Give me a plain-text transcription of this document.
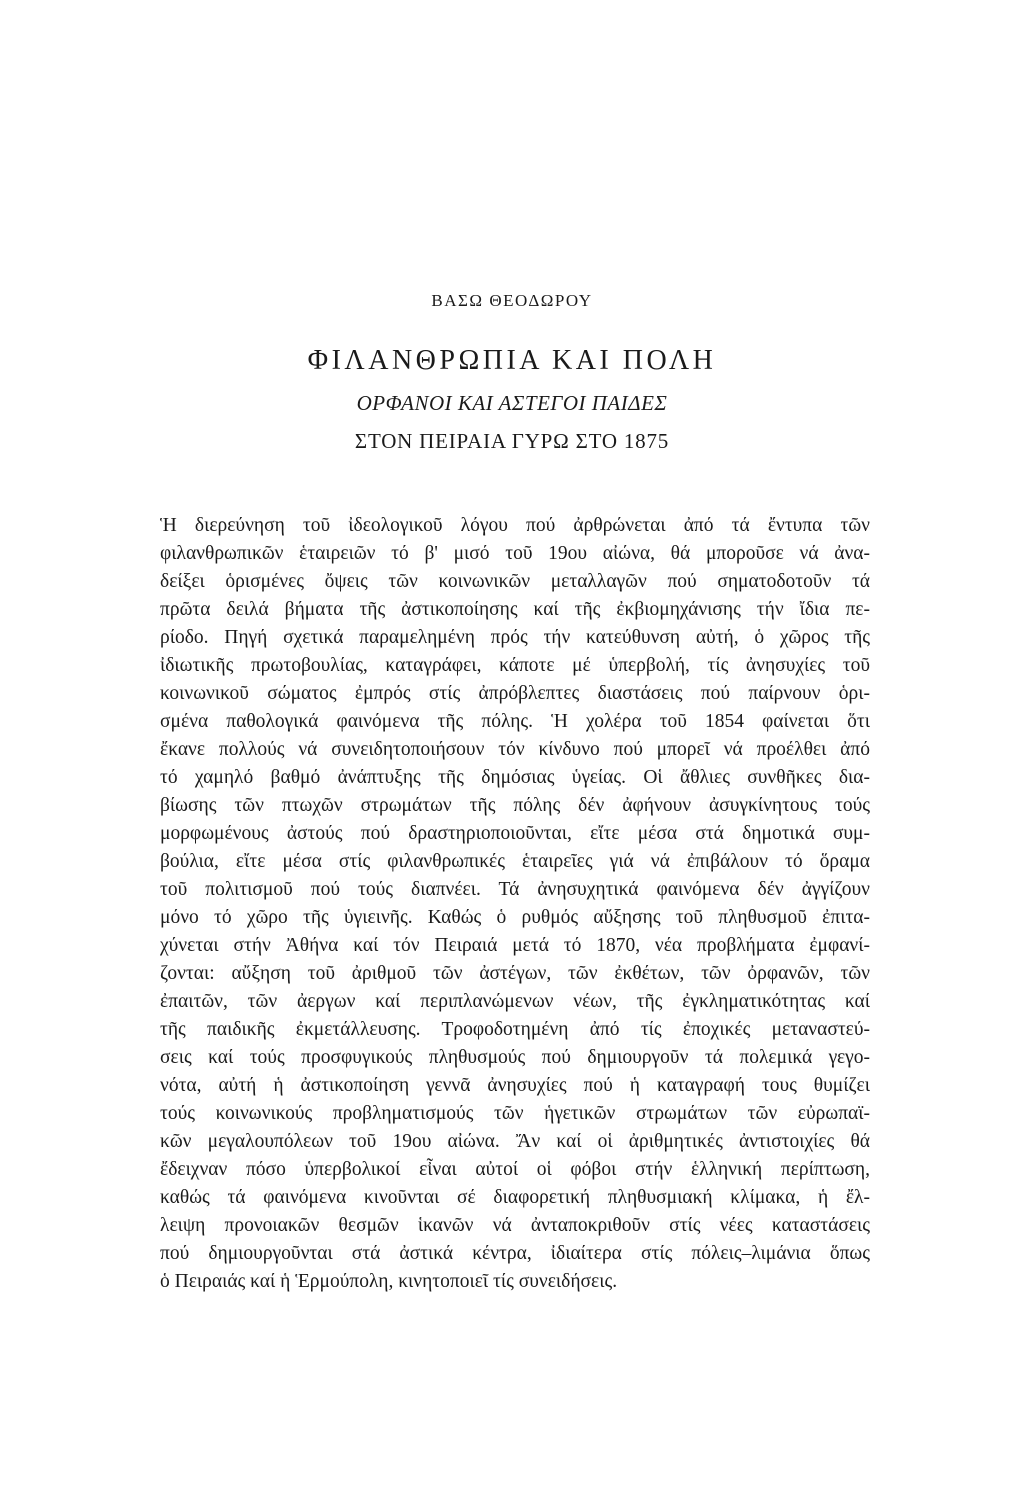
ΒΑΣΩ ΘΕΟΔΩΡΟΥ
ΦΙΛΑΝΘΡΩΠΙΑ ΚΑΙ ΠΟΛΗ
ΟΡΦΑΝΟΙ ΚΑΙ ΑΣΤΕΓΟΙ ΠΑΙΔΕΣ
ΣΤΟΝ ΠΕΙΡΑΙΑ ΓΥΡΩ ΣΤΟ 1875
Ἡ διερεύνηση τοῦ ἰδεολογικοῦ λόγου πού ἀρθρώνεται ἀπό τά ἔντυπα τῶν
φιλανθρωπικῶν ἑταιρειῶν τό β' μισό τοῦ 19ου αἰώνα, θά μποροῦσε νά ἀνα-
δείξει ὁρισμένες ὄψεις τῶν κοινωνικῶν μεταλλαγῶν πού σηματοδοτοῦν τά
πρῶτα δειλά βήματα τῆς ἀστικοποίησης καί τῆς ἐκβιομηχάνισης τήν ἴδια πε-
ρίοδο. Πηγή σχετικά παραμελημένη πρός τήν κατεύθυνση αὐτή, ὁ χῶρος τῆς
ἰδιωτικῆς πρωτοβουλίας, καταγράφει, κάποτε μέ ὑπερβολή, τίς ἀνησυχίες τοῦ
κοινωνικοῦ σώματος ἐμπρός στίς ἀπρόβλεπτες διαστάσεις πού παίρνουν ὁρι-
σμένα παθολογικά φαινόμενα τῆς πόλης. Ἡ χολέρα τοῦ 1854 φαίνεται ὅτι
ἔκανε πολλούς νά συνειδητοποιήσουν τόν κίνδυνο πού μπορεῖ νά προέλθει ἀπό
τό χαμηλό βαθμό ἀνάπτυξης τῆς δημόσιας ὑγείας. Οἱ ἄθλιες συνθῆκες δια-
βίωσης τῶν πτωχῶν στρωμάτων τῆς πόλης δέν ἀφήνουν ἀσυγκίνητους τούς
μορφωμένους ἀστούς πού δραστηριοποιοῦνται, εἴτε μέσα στά δημοτικά συμ-
βούλια, εἴτε μέσα στίς φιλανθρωπικές ἑταιρεῖες γιά νά ἐπιβάλουν τό ὅραμα
τοῦ πολιτισμοῦ πού τούς διαπνέει. Τά ἀνησυχητικά φαινόμενα δέν ἀγγίζουν
μόνο τό χῶρο τῆς ὑγιεινῆς. Καθώς ὁ ρυθμός αὔξησης τοῦ πληθυσμοῦ ἐπιτα-
χύνεται στήν Ἀθήνα καί τόν Πειραιά μετά τό 1870, νέα προβλήματα ἐμφανί-
ζονται: αὔξηση τοῦ ἀριθμοῦ τῶν ἀστέγων, τῶν ἐκθέτων, τῶν ὀρφανῶν, τῶν
ἐπαιτῶν, τῶν ἀεργων καί περιπλανώμενων νέων, τῆς ἐγκληματικότητας καί
τῆς παιδικῆς ἐκμετάλλευσης. Τροφοδοτημένη ἀπό τίς ἐποχικές μεταναστεύ-
σεις καί τούς προσφυγικούς πληθυσμούς πού δημιουργοῦν τά πολεμικά γεγο-
νότα, αὐτή ἡ ἀστικοποίηση γεννᾶ ἀνησυχίες πού ἡ καταγραφή τους θυμίζει
τούς κοινωνικούς προβληματισμούς τῶν ἡγετικῶν στρωμάτων τῶν εὐρωπαϊ-
κῶν μεγαλουπόλεων τοῦ 19ου αἰώνα. Ἄν καί οἱ ἀριθμητικές ἀντιστοιχίες θά
ἔδειχναν πόσο ὑπερβολικοί εἶναι αὐτοί οἱ φόβοι στήν ἑλληνική περίπτωση,
καθώς τά φαινόμενα κινοῦνται σέ διαφορετική πληθυσμιακή κλίμακα, ἡ ἔλ-
λειψη προνοιακῶν θεσμῶν ἱκανῶν νά ἀνταποκριθοῦν στίς νέες καταστάσεις
πού δημιουργοῦνται στά ἀστικά κέντρα, ἰδιαίτερα στίς πόλεις–λιμάνια ὅπως
ὁ Πειραιάς καί ἡ Ἑρμούπολη, κινητοποιεῖ τίς συνειδήσεις.
